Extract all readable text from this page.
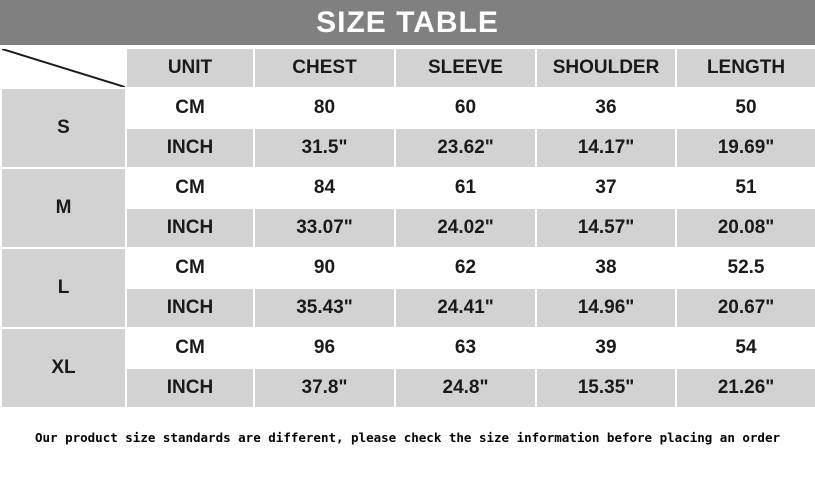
SIZE TABLE
	UNIT	CHEST	SLEEVE	SHOULDER	LENGTH
S	CM	80	60	36	50
	INCH	31.5"	23.62"	14.17"	19.69"
M	CM	84	61	37	51
	INCH	33.07"	24.02"	14.57"	20.08"
L	CM	90	62	38	52.5
	INCH	35.43"	24.41"	14.96"	20.67"
XL	CM	96	63	39	54
	INCH	37.8"	24.8"	15.35"	21.26"
Our product size standards are different, please check the size information before placing an order
